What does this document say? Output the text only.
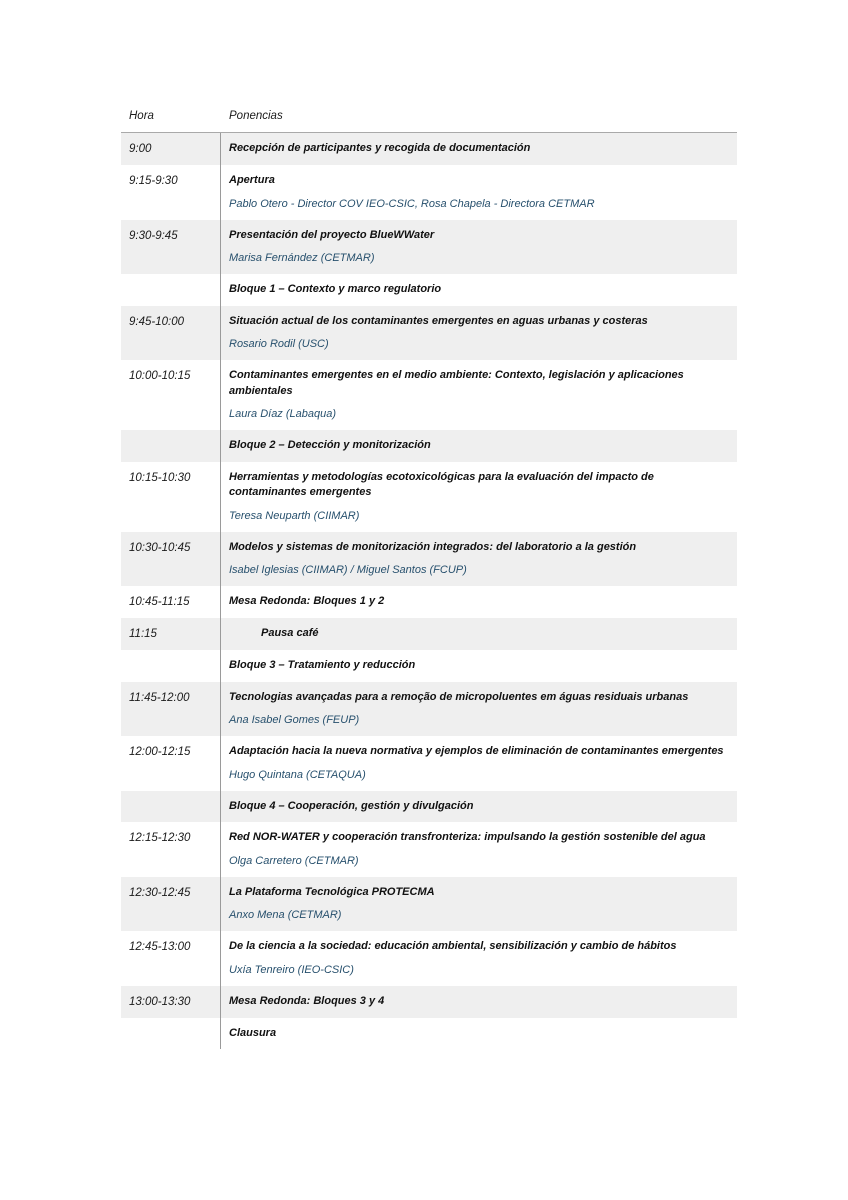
Hora	Ponencias
9:00	Recepción de participantes y recogida de documentación
9:15-9:30	Apertura
Pablo Otero - Director COV IEO-CSIC, Rosa Chapela - Directora CETMAR
9:30-9:45	Presentación del proyecto BlueWWater
Marisa Fernández (CETMAR)
Bloque 1 – Contexto y marco regulatorio
9:45-10:00	Situación actual de los contaminantes emergentes en aguas urbanas y costeras
Rosario Rodil (USC)
10:00-10:15	Contaminantes emergentes en el medio ambiente: Contexto, legislación y aplicaciones ambientales
Laura Díaz (Labaqua)
Bloque 2 – Detección y monitorización
10:15-10:30	Herramientas y metodologías ecotoxicológicas para la evaluación del impacto de contaminantes emergentes
Teresa Neuparth (CIIMAR)
10:30-10:45	Modelos y sistemas de monitorización integrados: del laboratorio a la gestión
Isabel Iglesias (CIIMAR) / Miguel Santos (FCUP)
10:45-11:15	Mesa Redonda: Bloques 1 y 2
11:15	Pausa café
Bloque 3 – Tratamiento y reducción
11:45-12:00	Tecnologias avançadas para a remoção de micropoluentes em águas residuais urbanas
Ana Isabel Gomes (FEUP)
12:00-12:15	Adaptación hacia la nueva normativa y ejemplos de eliminación de contaminantes emergentes
Hugo Quintana (CETAQUA)
Bloque 4 – Cooperación, gestión y divulgación
12:15-12:30	Red NOR-WATER y cooperación transfronteriza: impulsando la gestión sostenible del agua
Olga Carretero (CETMAR)
12:30-12:45	La Plataforma Tecnológica PROTECMA
Anxo Mena (CETMAR)
12:45-13:00	De la ciencia a la sociedad: educación ambiental, sensibilización y cambio de hábitos
Uxía Tenreiro (IEO-CSIC)
13:00-13:30	Mesa Redonda: Bloques 3 y 4
Clausura
